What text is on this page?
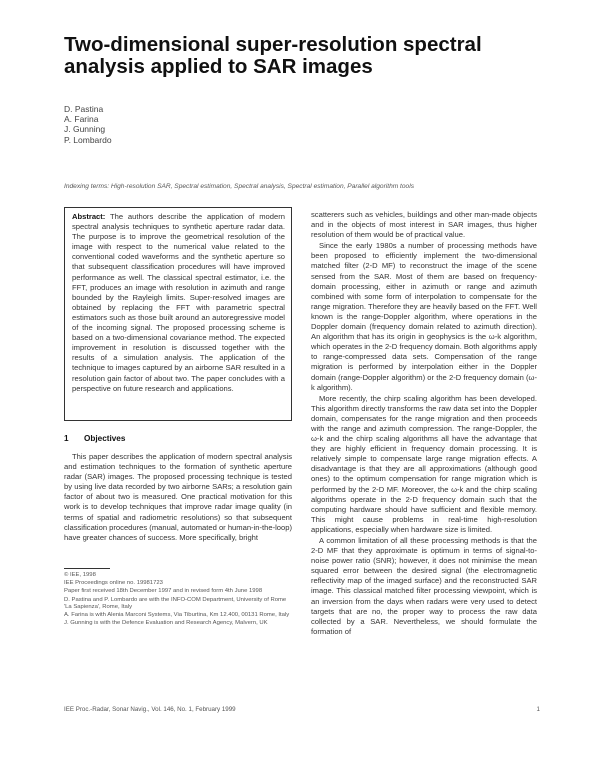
Two-dimensional super-resolution spectral analysis applied to SAR images
D. Pastina
A. Farina
J. Gunning
P. Lombardo
Indexing terms: High-resolution SAR, Spectral estimation, Spectral analysis, Spectral estimation, Parallel algorithm tools
Abstract: The authors describe the application of modern spectral analysis techniques to synthetic aperture radar data. The purpose is to improve the geometrical resolution of the image with respect to the numerical value related to the conventional coded waveforms and the synthetic aperture so that subsequent classification procedures will have improved performance as well. The classical spectral estimator, i.e. the FFT, produces an image with resolution in azimuth and range bounded by the Rayleigh limits. Super-resolved images are obtained by replacing the FFT with parametric spectral estimators such as those built around an autoregressive model of the incoming signal. The proposed processing scheme is based on a two-dimensional covariance method. The expected improvement in resolution is discussed together with the results of a simulation analysis. The application of the technique to images captured by an airborne SAR resulted in a resolution gain factor of about two. The paper concludes with a perspective on future research and applications.
1 Objectives

This paper describes the application of modern spectral analysis and estimation techniques to the formation of synthetic aperture radar (SAR) images. The proposed processing technique is tested by using live data recorded by two airborne SARs; a resolution gain factor of about two is measured. One practical motivation for this work is to develop techniques that improve radar image quality (in terms of spatial and radiometric resolutions) so that subsequent classification procedures (manual, automated or human-in-the-loop) have greater chances of success. More specifically, bright

© IEE, 1998

IEE Proceedings online no. 19981723

Paper first received 18th December 1997 and in revised form 4th June 1998

D. Pastina and P. Lombardo are with the INFO-COM Department, University of Rome 'La Sapienza', Rome, Italy

A. Farina is with Alenia Marconi Systems, Via Tiburtina, Km 12.400, 00131 Rome, Italy

J. Gunning is with the Defence Evaluation and Research Agency, Malvern, UK

scatterers such as vehicles, buildings and other man-made objects and in the objects of most interest in SAR images, thus higher resolution of them would be of practical value.

Since the early 1980s a number of processing methods have been proposed to efficiently implement the two-dimensional matched filter (2-D MF) to reconstruct the image of the scene sensed from the SAR. Most of them are based on frequency-domain processing, either in azimuth or range and azimuth combined with some form of interpolation to compensate for the range migration. Therefore they are heavily based on the FFT. Well known is the range-Doppler algorithm, where operations in the Doppler domain (frequency domain related to azimuth direction). An algorithm that has its origin in geophysics is the ω-k algorithm, which operates in the 2-D frequency domain. Both algorithms apply to range-compressed data sets. Compensation of the range migration is performed by interpolation either in the Doppler domain (range-Doppler algorithm) or the 2-D frequency domain (ω-k algorithm).

More recently, the chirp scaling algorithm has been developed. This algorithm directly transforms the raw data set into the Doppler domain, compensates for the range migration and then proceeds with the range and azimuth compression. The range-Doppler, the ω-k and the chirp scaling algorithms all have the advantage that they are highly efficient in frequency domain processing. It is relatively simple to compensate large range migration effects. A disadvantage is that they are all approximations (although good ones) to the optimum compensation for range migration which is performed by the 2-D MF. Moreover, the ω-k and the chirp scaling algorithms operate in the 2-D frequency domain such that the computing hardware should have sufficient and flexible memory. This might cause problems in real-time high-resolution applications, especially when hardware size is limited.

A common limitation of all these processing methods is that the 2-D MF that they approximate is optimum in terms of signal-to-noise power ratio (SNR); however, it does not minimise the mean squared error between the desired signal (the electromagnetic reflectivity map of the imaged surface) and the reconstructed SAR image. This classical matched filter processing viewpoint, which is an inversion from the days when radars were very used to detect targets that are no, the proper way to process the raw data collected by a SAR. Nevertheless, we should formulate the formation of

IEE Proc.-Radar, Sonar Navig., Vol. 146, No. 1, February 1999	1
